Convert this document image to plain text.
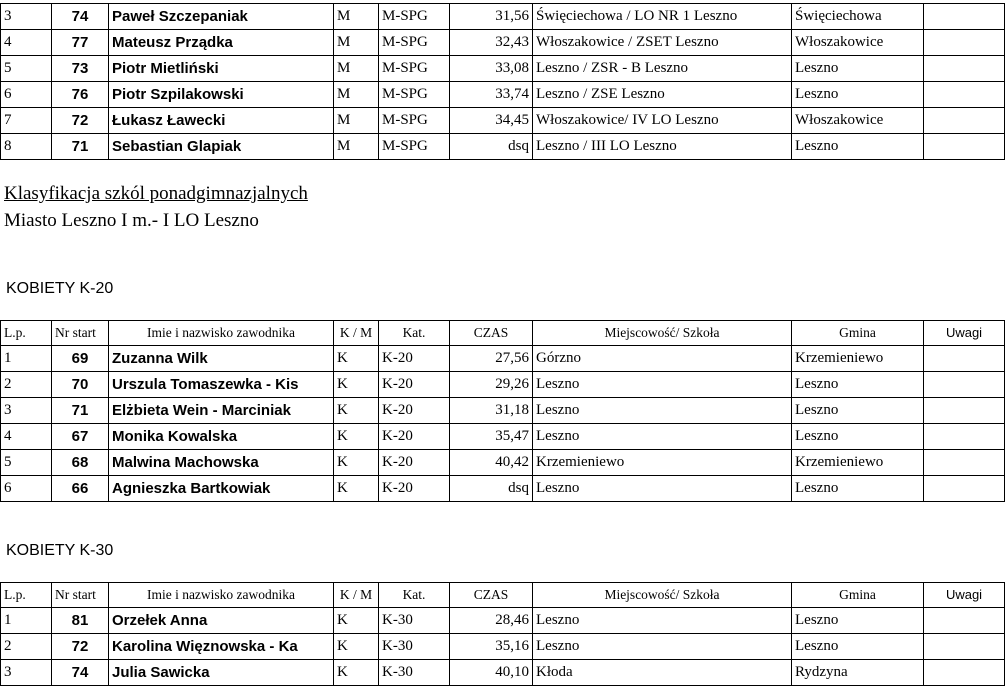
3	74	Paweł Szczepaniak	M	M-SPG	31,56	Święciechowa / LO NR 1 Leszno	Święciechowa	
4	77	Mateusz Prządka	M	M-SPG	32,43	Włoszakowice / ZSET Leszno	Włoszakowice	
5	73	Piotr Mietliński	M	M-SPG	33,08	Leszno / ZSR - B Leszno	Leszno	
6	76	Piotr Szpilakowski	M	M-SPG	33,74	Leszno / ZSE Leszno	Leszno	
7	72	Łukasz Ławecki	M	M-SPG	34,45	Włoszakowice/ IV LO Leszno	Włoszakowice	
8	71	Sebastian Glapiak	M	M-SPG	dsq	Leszno / III LO Leszno	Leszno	
Klasyfikacja szkól ponadgimnazjalnych
Miasto Leszno I m.- I LO Leszno
KOBIETY K-20
L.p.	Nr start	Imie i nazwisko zawodnika	K / M	Kat.	CZAS	Miejscowość/ Szkoła	Gmina	Uwagi
1	69	Zuzanna Wilk	K	K-20	27,56	Górzno	Krzemieniewo	
2	70	Urszula Tomaszewka - Kis	K	K-20	29,26	Leszno	Leszno	
3	71	Elżbieta Wein - Marciniak	K	K-20	31,18	Leszno	Leszno	
4	67	Monika Kowalska	K	K-20	35,47	Leszno	Leszno	
5	68	Malwina Machowska	K	K-20	40,42	Krzemieniewo	Krzemieniewo	
6	66	Agnieszka Bartkowiak	K	K-20	dsq	Leszno	Leszno	
KOBIETY K-30
L.p.	Nr start	Imie i nazwisko zawodnika	K / M	Kat.	CZAS	Miejscowość/ Szkoła	Gmina	Uwagi
1	81	Orzełek Anna	K	K-30	28,46	Leszno	Leszno	
2	72	Karolina Więznowska - Ka	K	K-30	35,16	Leszno	Leszno	
3	74	Julia Sawicka	K	K-30	40,10	Kłoda	Rydzyna	
